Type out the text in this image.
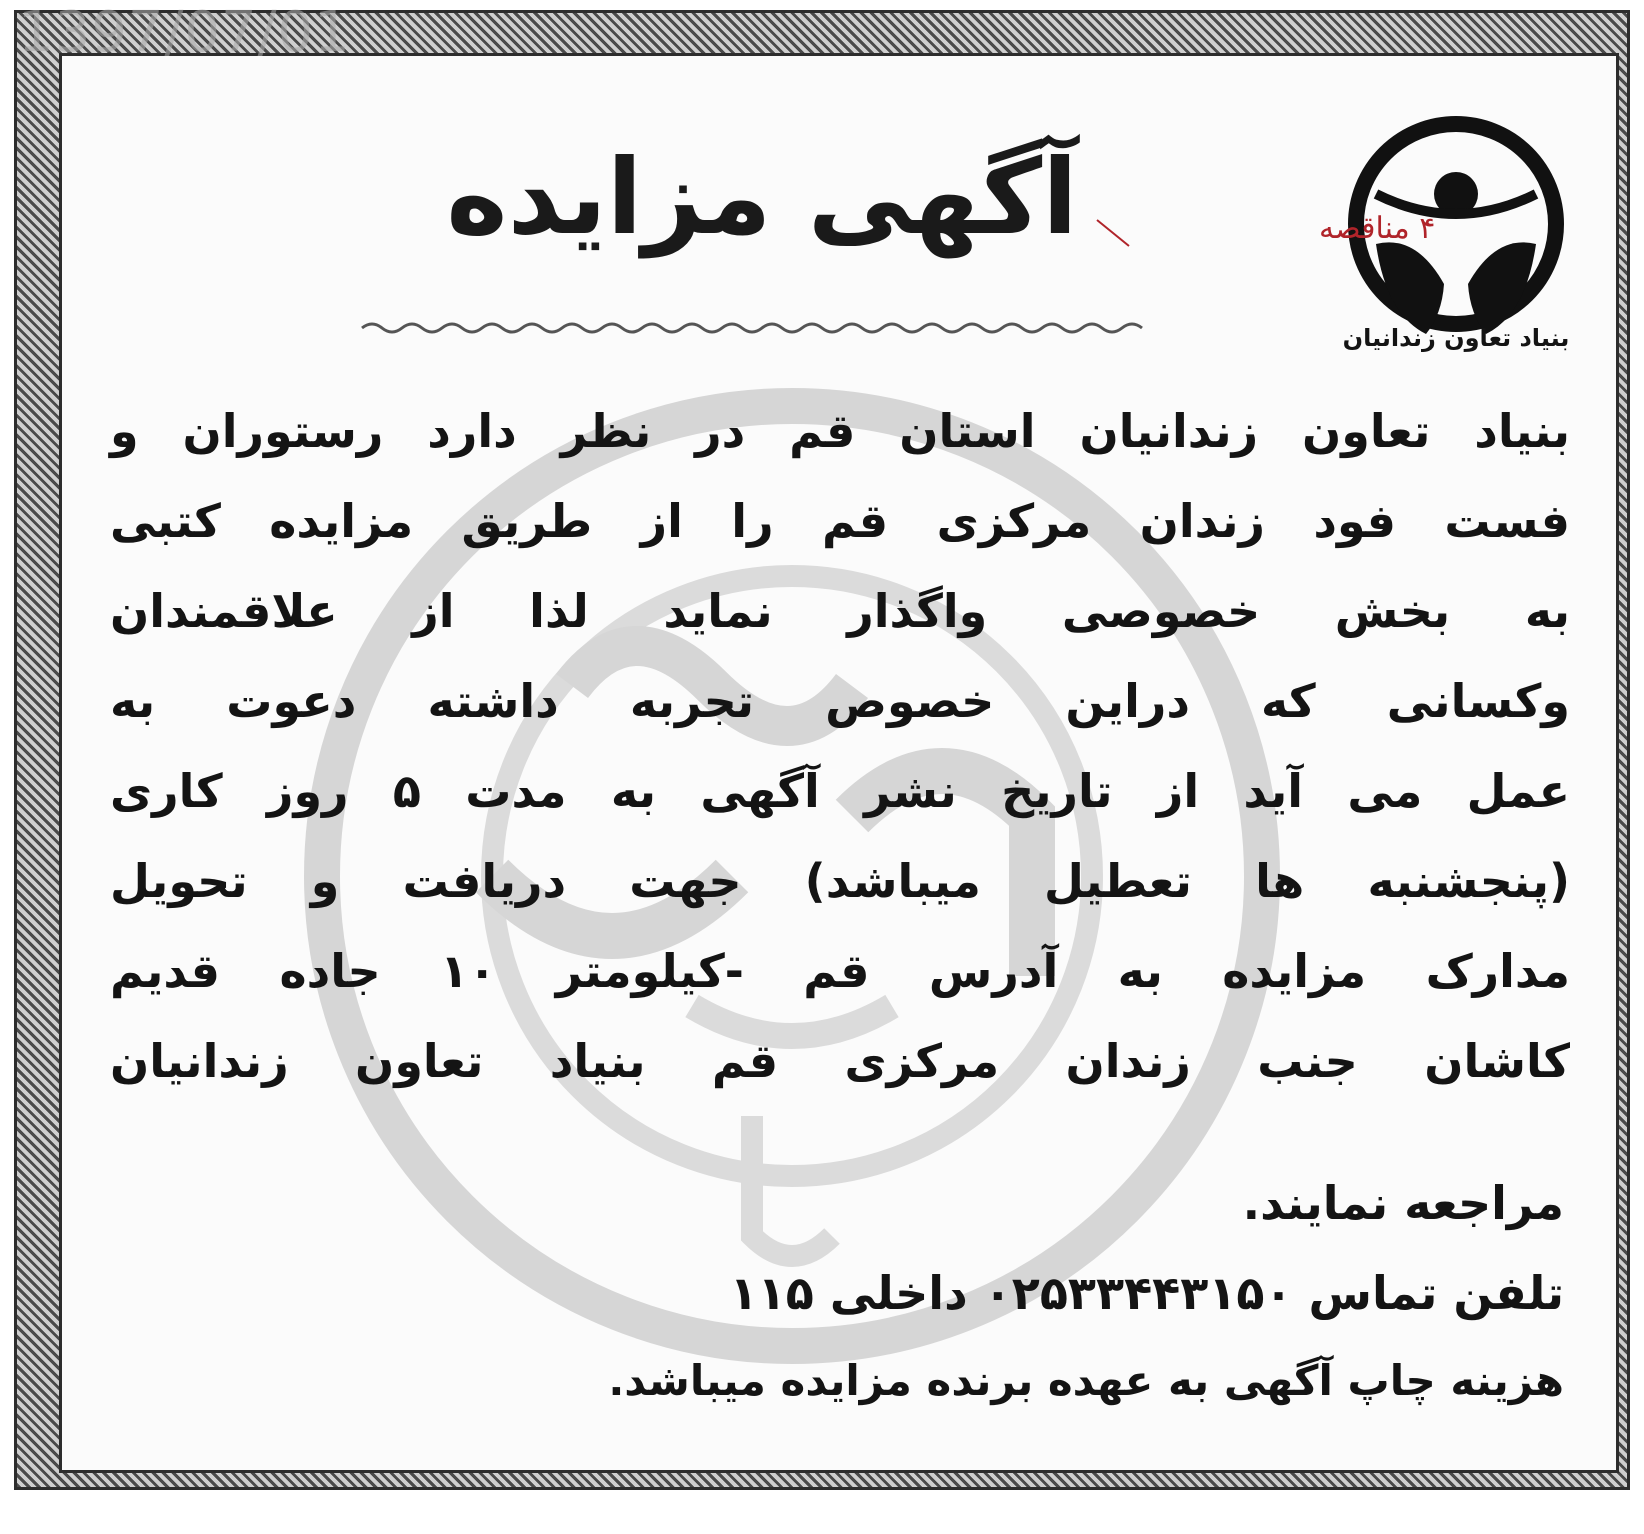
1397/07/01
بنیاد تعاون زندانیان
۴ مناقصه
آگهی مزایده
بنیاد تعاون زندانیان استان قم در نظر دارد رستوران و
فست فود زندان مرکزی قم را از طریق مزایده کتبی
به بخش خصوصی واگذار نماید لذا از علاقمندان
وکسانی که دراین خصوص تجربه داشته دعوت به
عمل می آید از تاریخ نشر آگهی به مدت ۵ روز کاری
(پنجشنبه ها تعطیل میباشد) جهت دریافت و تحویل
مدارک مزایده به آدرس قم -کیلومتر ۱۰ جاده قدیم
کاشان جنب زندان مرکزی قم بنیاد تعاون زندانیان
مراجعه نمایند.
تلفن تماس ۰۲۵۳۳۴۴۳۱۵۰ داخلی ۱۱۵
هزینه چاپ آگهی به عهده برنده مزایده میباشد.
